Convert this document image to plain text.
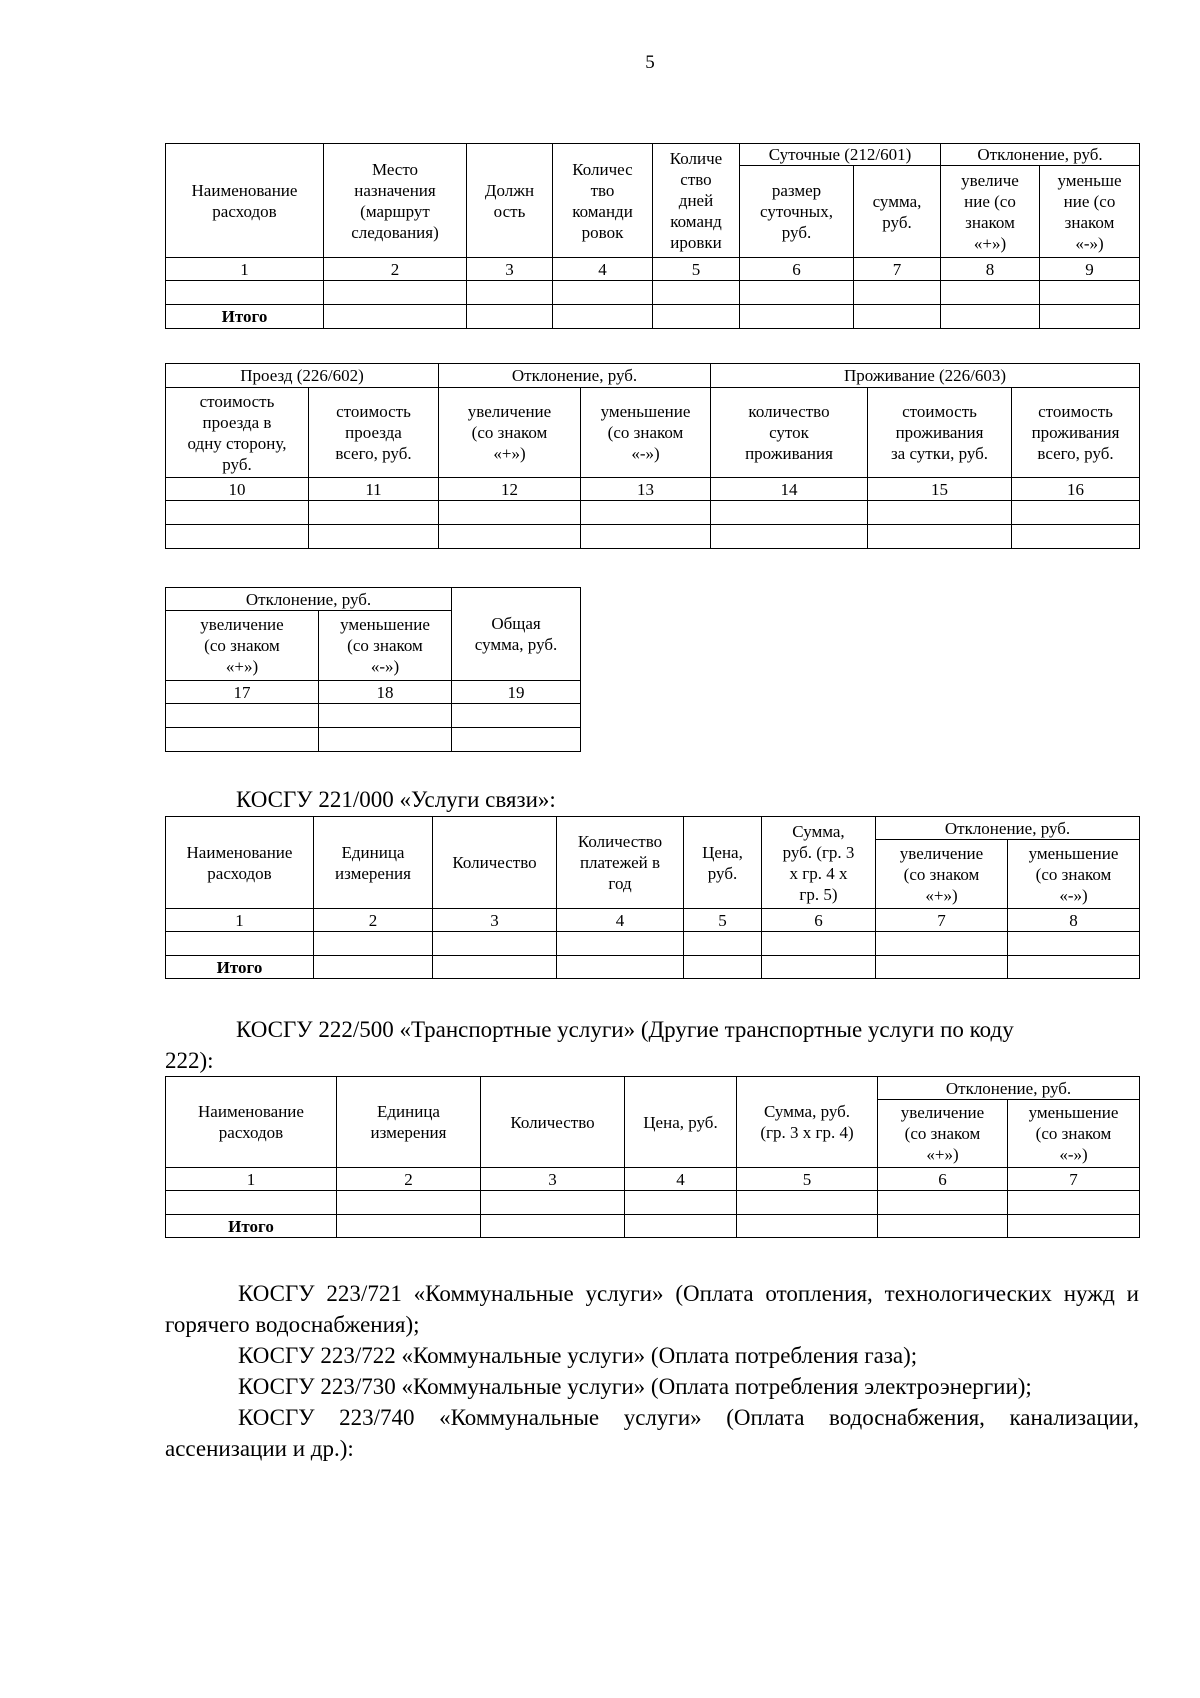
5
Наименование
расходов	Место
назначения
(маршрут
следования)	Должн
ость	Количес
тво
команди
ровок	Количе
ство
дней
команд
ировки	Суточные (212/601)		Отклонение, руб.	
					размер
суточных,
руб.	сумма,
руб.	увеличе
ние (со
знаком
«+»)	уменьше
ние (со
знаком
«-»)
1	2	3	4	5	6	7	8	9

Итого								
Проезд (226/602)		Отклонение, руб.		Проживание (226/603)		
стоимость
проезда в
одну сторону,
руб.	стоимость
проезда
всего, руб.	увеличение
(со знаком
«+»)	уменьшение
(со знаком
«-»)	количество
суток
проживания	стоимость
проживания
за сутки, руб.	стоимость
проживания
всего, руб.
10	11	12	13	14	15	16

Отклонение, руб.		Общая
сумма, руб.
увеличение
(со знаком
«+»)	уменьшение
(со знаком
«-»)	
17	18	19

КОСГУ 221/000 «Услуги связи»:
Наименование
расходов	Единица
измерения	Количество	Количество
платежей в
год	Цена,
руб.	Сумма,
руб. (гр. 3
х гр. 4 х
гр. 5)	Отклонение, руб.	
						увеличение
(со знаком
«+»)	уменьшение
(со знаком
«-»)
1	2	3	4	5	6	7	8

Итого							
КОСГУ 222/500 «Транспортные услуги» (Другие транспортные услуги по коду
222):
Наименование
расходов	Единица
измерения	Количество	Цена, руб.	Сумма, руб.
(гр. 3 х гр. 4)	Отклонение, руб.	
					увеличение
(со знаком
«+»)	уменьшение
(со знаком
«-»)
1	2	3	4	5	6	7

Итого						
КОСГУ 223/721 «Коммунальные услуги» (Оплата отопления, технологических нужд и горячего водоснабжения);
КОСГУ 223/722 «Коммунальные услуги» (Оплата потребления газа);
КОСГУ 223/730 «Коммунальные услуги» (Оплата потребления электроэнергии);
КОСГУ 223/740 «Коммунальные услуги» (Оплата водоснабжения, канализации, ассенизации и др.):
